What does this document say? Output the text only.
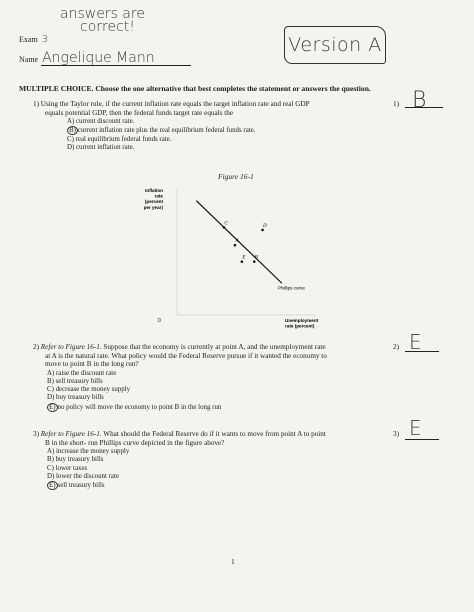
answers are
correct!
Exam 3
Name Angelique Mann
Version A
MULTIPLE CHOICE. Choose the one alternative that best completes the statement or answers the question.
1) Using the Taylor rule, if the current inflation rate equals the target inflation rate and real GDP
equals potential GDP, then the federal funds target rate equals the
A) current discount rate.
B) current inflation rate plus the real equilibrium federal funds rate.
C) real equilibrium federal funds rate.
D) current inflation rate.
1) B
Figure 16-1
Inflation
rate
(percent
per year)
0	Unemployment
rate (percent)
Phillips curve
C
D
A
E B
2) Refer to Figure 16-1. Suppose that the economy is currently at point A, and the unemployment rate
at A is the natural rate. What policy would the Federal Reserve pursue if it wanted the economy to
move to point B in the long run?
A) raise the discount rate
B) sell treasury bills
C) decrease the money supply
D) buy treasury bills
E) no policy will move the economy to point B in the long run
2) E
3) Refer to Figure 16-1. What should the Federal Reserve do if it wants to move from point A to point
B in the short- run Phillips curve depicted in the figure above?
A) increase the money supply
B) buy treasury bills
C) lower taxes
D) lower the discount rate
E) sell treasury bills
3) E
1
